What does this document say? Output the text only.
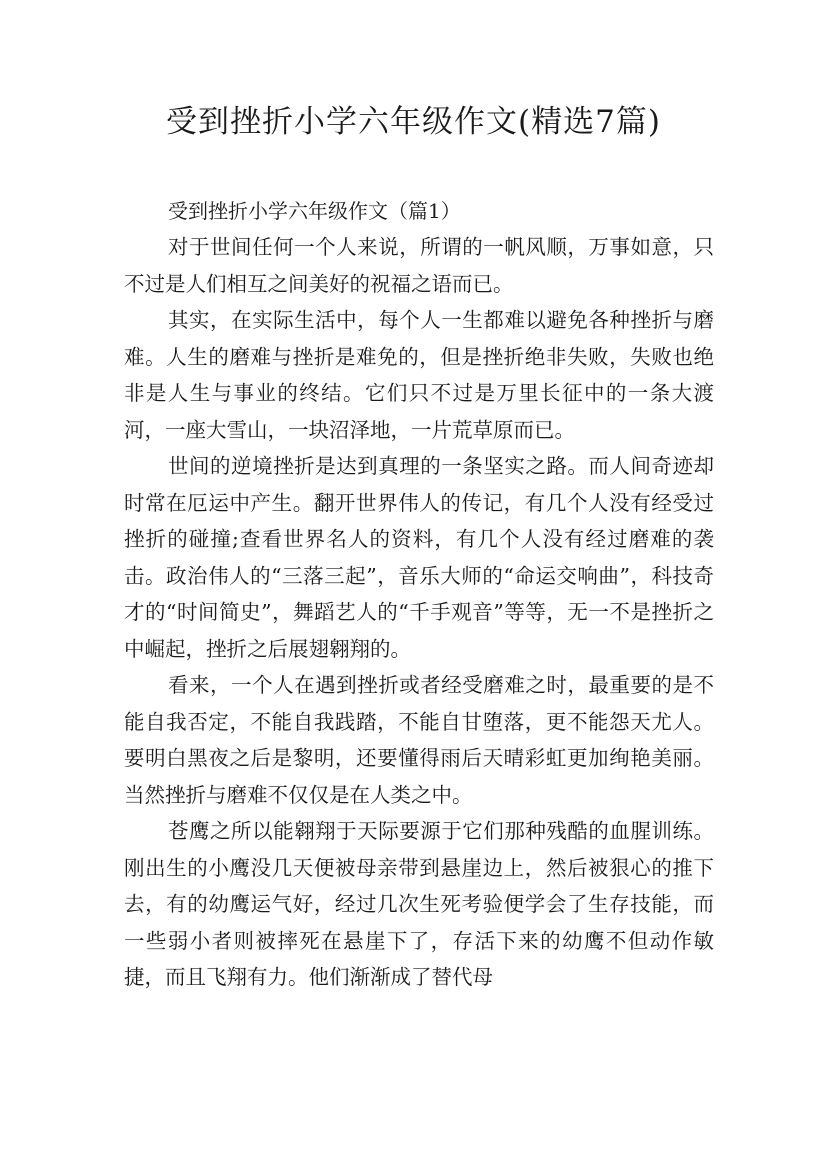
受到挫折小学六年级作文(精选7篇)

受到挫折小学六年级作文（篇1）

对于世间任何一个人来说，所谓的一帆风顺，万事如意，只不过是人们相互之间美好的祝福之语而已。

其实，在实际生活中，每个人一生都难以避免各种挫折与磨难。人生的磨难与挫折是难免的，但是挫折绝非失败，失败也绝非是人生与事业的终结。它们只不过是万里长征中的一条大渡河，一座大雪山，一块沼泽地，一片荒草原而已。

世间的逆境挫折是达到真理的一条坚实之路。而人间奇迹却时常在厄运中产生。翻开世界伟人的传记，有几个人没有经受过挫折的碰撞;查看世界名人的资料，有几个人没有经过磨难的袭击。政治伟人的“三落三起”，音乐大师的“命运交响曲”，科技奇才的“时间简史”，舞蹈艺人的“千手观音”等等，无一不是挫折之中崛起，挫折之后展翅翱翔的。

看来，一个人在遇到挫折或者经受磨难之时，最重要的是不能自我否定，不能自我践踏，不能自甘堕落，更不能怨天尤人。要明白黑夜之后是黎明，还要懂得雨后天晴彩虹更加绚艳美丽。当然挫折与磨难不仅仅是在人类之中。

苍鹰之所以能翱翔于天际要源于它们那种残酷的血腥训练。刚出生的小鹰没几天便被母亲带到悬崖边上，然后被狠心的推下去，有的幼鹰运气好，经过几次生死考验便学会了生存技能，而一些弱小者则被摔死在悬崖下了，存活下来的幼鹰不但动作敏捷，而且飞翔有力。他们渐渐成了替代母
